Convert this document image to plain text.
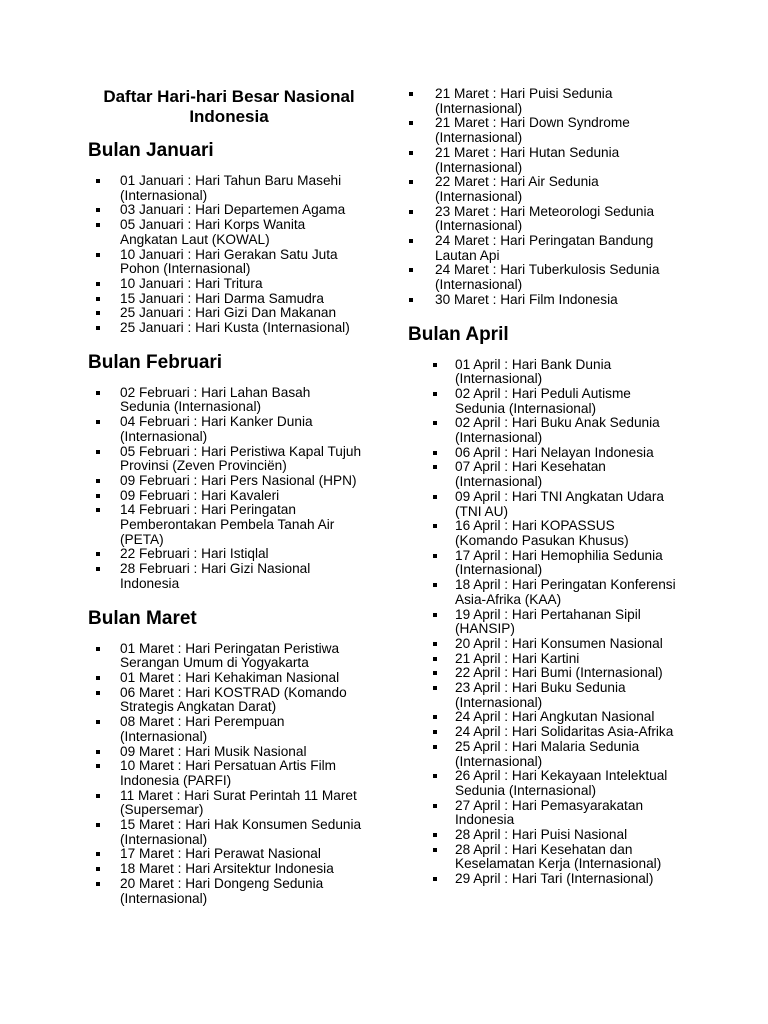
Daftar Hari-hari Besar Nasional Indonesia
Bulan Januari
01 Januari : Hari Tahun Baru Masehi (Internasional)
03 Januari : Hari Departemen Agama
05 Januari : Hari Korps Wanita Angkatan Laut (KOWAL)
10 Januari : Hari Gerakan Satu Juta Pohon (Internasional)
10 Januari : Hari Tritura
15 Januari : Hari Darma Samudra
25 Januari : Hari Gizi Dan Makanan
25 Januari : Hari Kusta (Internasional)
Bulan Februari
02 Februari : Hari Lahan Basah Sedunia (Internasional)
04 Februari : Hari Kanker Dunia (Internasional)
05 Februari : Hari Peristiwa Kapal Tujuh Provinsi (Zeven Provinciën)
09 Februari : Hari Pers Nasional (HPN)
09 Februari : Hari Kavaleri
14 Februari : Hari Peringatan Pemberontakan Pembela Tanah Air (PETA)
22 Februari : Hari Istiqlal
28 Februari : Hari Gizi Nasional Indonesia
Bulan Maret
01 Maret : Hari Peringatan Peristiwa Serangan Umum di Yogyakarta
01 Maret : Hari Kehakiman Nasional
06 Maret : Hari KOSTRAD (Komando Strategis Angkatan Darat)
08 Maret : Hari Perempuan (Internasional)
09 Maret : Hari Musik Nasional
10 Maret : Hari Persatuan Artis Film Indonesia (PARFI)
11 Maret : Hari Surat Perintah 11 Maret (Supersemar)
15 Maret : Hari Hak Konsumen Sedunia (Internasional)
17 Maret : Hari Perawat Nasional
18 Maret : Hari Arsitektur Indonesia
20 Maret : Hari Dongeng Sedunia (Internasional)
21 Maret : Hari Puisi Sedunia (Internasional)
21 Maret : Hari Down Syndrome (Internasional)
21 Maret : Hari Hutan Sedunia (Internasional)
22 Maret : Hari Air Sedunia (Internasional)
23 Maret : Hari Meteorologi Sedunia (Internasional)
24 Maret : Hari Peringatan Bandung Lautan Api
24 Maret : Hari Tuberkulosis Sedunia (Internasional)
30 Maret : Hari Film Indonesia
Bulan April
01 April : Hari Bank Dunia (Internasional)
02 April : Hari Peduli Autisme Sedunia (Internasional)
02 April : Hari Buku Anak Sedunia (Internasional)
06 April : Hari Nelayan Indonesia
07 April : Hari Kesehatan (Internasional)
09 April : Hari TNI Angkatan Udara (TNI AU)
16 April : Hari KOPASSUS (Komando Pasukan Khusus)
17 April : Hari Hemophilia Sedunia (Internasional)
18 April : Hari Peringatan Konferensi Asia-Afrika (KAA)
19 April : Hari Pertahanan Sipil (HANSIP)
20 April : Hari Konsumen Nasional
21 April : Hari Kartini
22 April : Hari Bumi (Internasional)
23 April : Hari Buku Sedunia (Internasional)
24 April : Hari Angkutan Nasional
24 April : Hari Solidaritas Asia-Afrika
25 April : Hari Malaria Sedunia (Internasional)
26 April : Hari Kekayaan Intelektual Sedunia (Internasional)
27 April : Hari Pemasyarakatan Indonesia
28 April : Hari Puisi Nasional
28 April : Hari Kesehatan dan Keselamatan Kerja (Internasional)
29 April : Hari Tari (Internasional)
